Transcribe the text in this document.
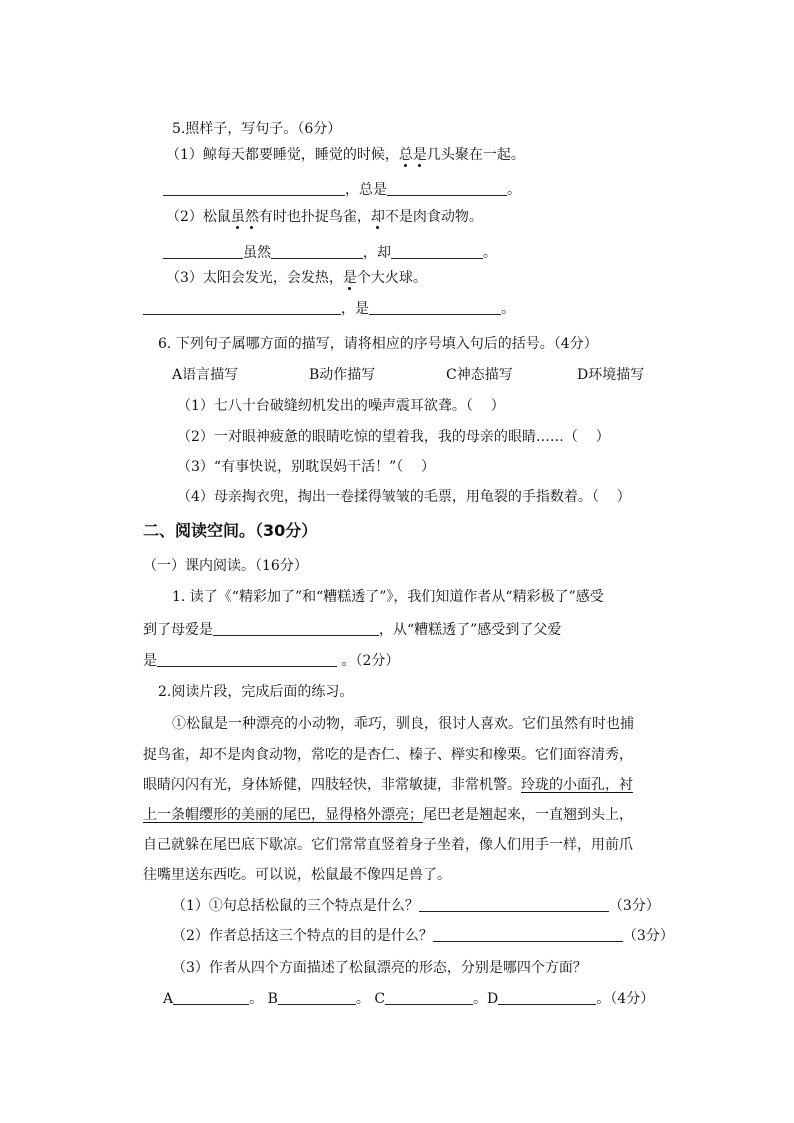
5.照样子，写句子。（6分）
（1）鲸每天都要睡觉，睡觉的时候，总是几头聚在一起。
，总是	。
（2）松鼠虽然有时也扑捉鸟雀，却不是肉食动物。
虽然	，却	。
（3）太阳会发光，会发热，是个大火球。
，是	。
6. 下列句子属哪方面的描写，请将相应的序号填入句后的括号。（4分）
A语言描写	B动作描写	C神态描写	D环境描写
（1）七八十台破缝纫机发出的噪声震耳欲聋。（    ）
（2）一对眼神疲惫的眼睛吃惊的望着我，我的母亲的眼睛……（    ）
（3）“有事快说，别耽误妈干活！”（    ）
（4）母亲掏衣兜，掏出一卷揉得皱皱的毛票，用龟裂的手指数着。（    ）
二、阅读空间。（30分）
（一）课内阅读。（16分）
1. 读了《“精彩加了”和“糟糕透了”》，我们知道作者从“精彩极了”感受
到了母爱是	，从“糟糕透了”感受到了父爱
是	。（2分）
2.阅读片段，完成后面的练习。
①松鼠是一种漂亮的小动物，乖巧，驯良，很讨人喜欢。它们虽然有时也捕
捉鸟雀，却不是肉食动物，常吃的是杏仁、榛子、榉实和橡栗。它们面容清秀，
眼睛闪闪有光，身体矫健，四肢轻快，非常敏捷，非常机警。玲珑的小面孔，衬
上一条帽缨形的美丽的尾巴，显得格外漂亮；尾巴老是翘起来，一直翘到头上，
自己就躲在尾巴底下歇凉。它们常常直竖着身子坐着，像人们用手一样，用前爪
往嘴里送东西吃。可以说，松鼠最不像四足兽了。
（1）①句总括松鼠的三个特点是什么？	（3分）
（2）作者总括这三个特点的目的是什么？	（3分）
（3）作者从四个方面描述了松鼠漂亮的形态，分别是哪四个方面？
A	。 B	。 C	。D	。（4分）
